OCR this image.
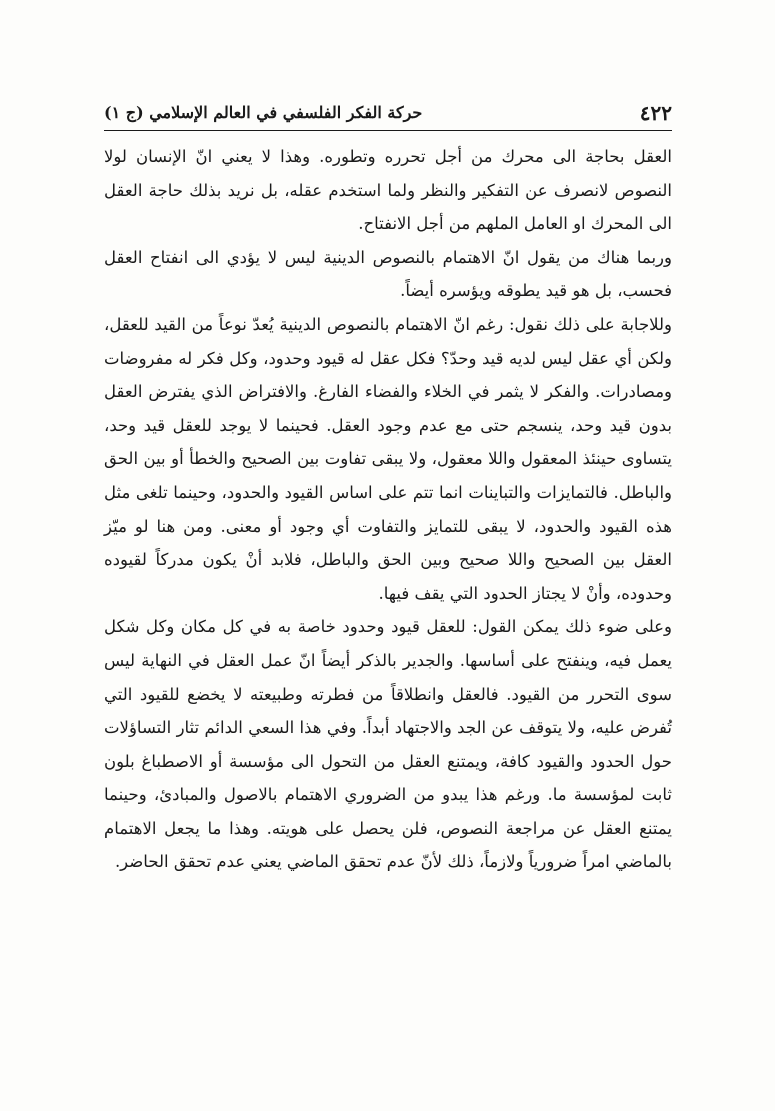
٤٢٢
حركة الفكر الفلسفي في العالم الإسلامي (ج ١)

العقل بحاجة الى محرك من أجل تحرره وتطوره. وهذا لا يعني انّ الإنسان لولا النصوص لانصرف عن التفكير والنظر ولما استخدم عقله، بل نريد بذلك حاجة العقل الى المحرك او العامل الملهم من أجل الانفتاح.

وربما هناك من يقول انّ الاهتمام بالنصوص الدينية ليس لا يؤدي الى انفتاح العقل فحسب، بل هو قيد يطوقه ويؤسره أيضاً.

وللاجابة على ذلك نقول: رغم انّ الاهتمام بالنصوص الدينية يُعدّ نوعاً من القيد للعقل، ولكن أي عقل ليس لديه قيد وحدّ؟ فكل عقل له قيود وحدود، وكل فكر له مفروضات ومصادرات. والفكر لا يثمر في الخلاء والفضاء الفارغ. والافتراض الذي يفترض العقل بدون قيد وحد، ينسجم حتى مع عدم وجود العقل. فحينما لا يوجد للعقل قيد وحد، يتساوى حينئذ المعقول واللا معقول، ولا يبقى تفاوت بين الصحيح والخطأ أو بين الحق والباطل. فالتمايزات والتباينات انما تتم على اساس القيود والحدود، وحينما تلغى مثل هذه القيود والحدود، لا يبقى للتمايز والتفاوت أي وجود أو معنى. ومن هنا لو ميّز العقل بين الصحيح واللا صحيح وبين الحق والباطل، فلابد أنْ يكون مدركاً لقيوده وحدوده، وأنْ لا يجتاز الحدود التي يقف فيها.

وعلى ضوء ذلك يمكن القول: للعقل قيود وحدود خاصة به في كل مكان وكل شكل يعمل فيه، وينفتح على أساسها. والجدير بالذكر أيضاً انّ عمل العقل في النهاية ليس سوى التحرر من القيود. فالعقل وانطلاقاً من فطرته وطبيعته لا يخضع للقيود التي تُفرض عليه، ولا يتوقف عن الجد والاجتهاد أبداً. وفي هذا السعي الدائم تثار التساؤلات حول الحدود والقيود كافة، ويمتنع العقل من التحول الى مؤسسة أو الاصطباغ بلون ثابت لمؤسسة ما. ورغم هذا يبدو من الضروري الاهتمام بالاصول والمبادئ، وحينما يمتنع العقل عن مراجعة النصوص، فلن يحصل على هويته. وهذا ما يجعل الاهتمام بالماضي امراً ضرورياً ولازماً، ذلك لأنّ عدم تحقق الماضي يعني عدم تحقق الحاضر.
